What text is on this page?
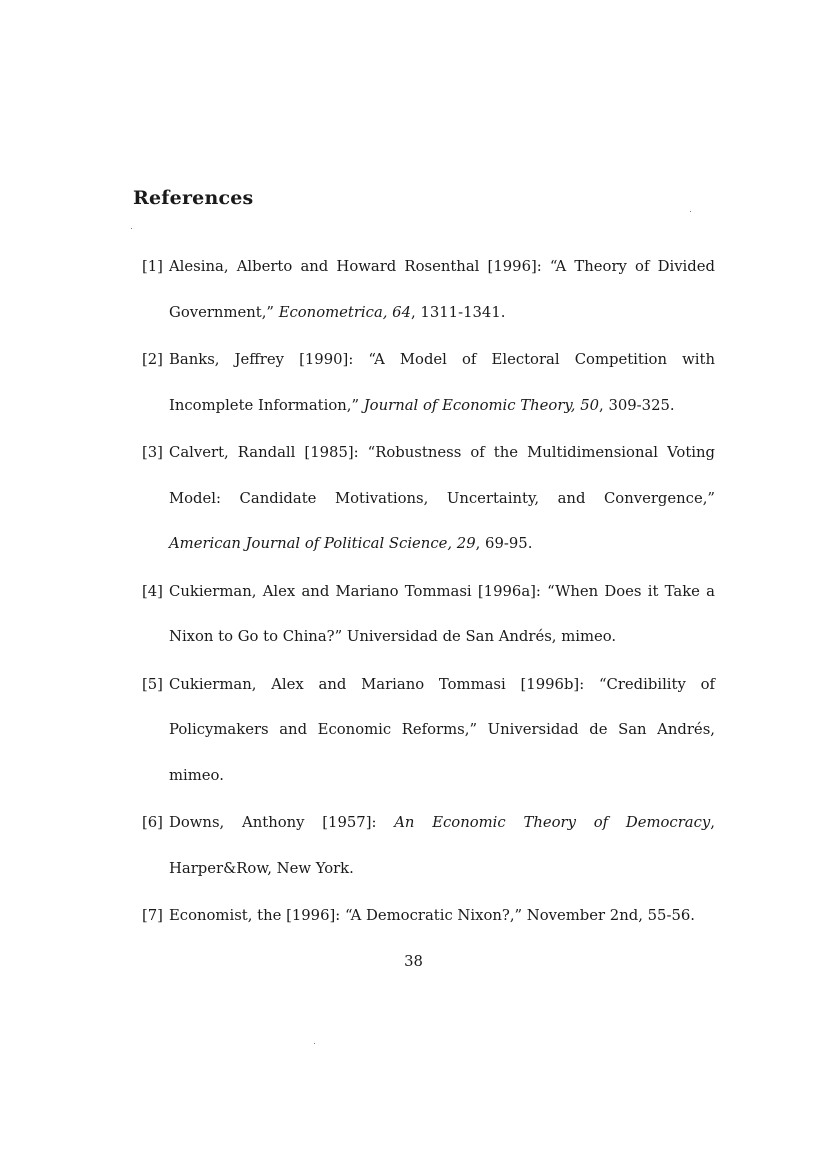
References
[1] Alesina, Alberto and Howard Rosenthal [1996]: “A Theory of Divided Government,” Econometrica, 64, 1311-1341.
[2] Banks, Jeffrey [1990]: “A Model of Electoral Competition with Incomplete Information,” Journal of Economic Theory, 50, 309-325.
[3] Calvert, Randall [1985]: “Robustness of the Multidimensional Voting Model: Candidate Motivations, Uncertainty, and Convergence,” American Journal of Political Science, 29, 69-95.
[4] Cukierman, Alex and Mariano Tommasi [1996a]: “When Does it Take a Nixon to Go to China?” Universidad de San Andrés, mimeo.
[5] Cukierman, Alex and Mariano Tommasi [1996b]: “Credibility of Policymakers and Economic Reforms,” Universidad de San Andrés, mimeo.
[6] Downs, Anthony [1957]: An Economic Theory of Democracy, Harper&Row, New York.
[7] Economist, the [1996]: “A Democratic Nixon?,” November 2nd, 55-56.
38
